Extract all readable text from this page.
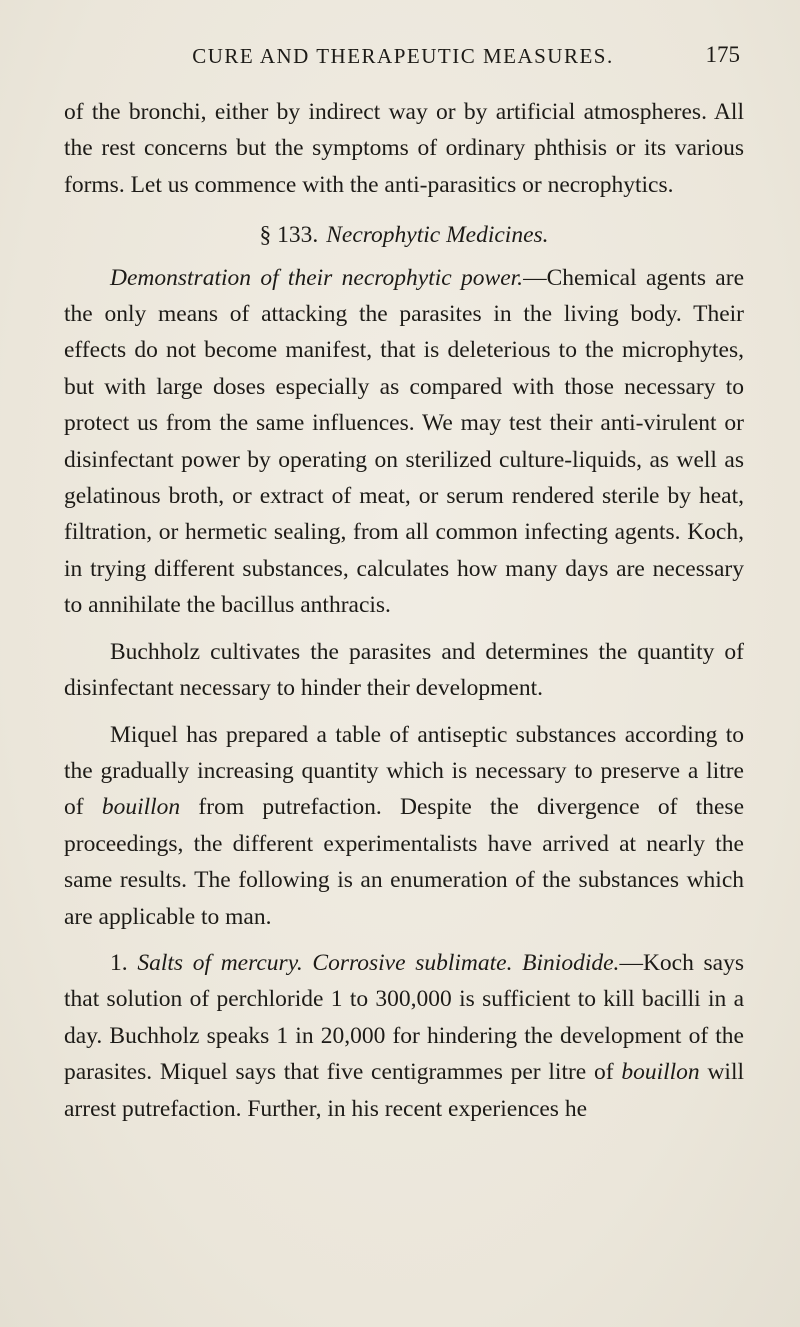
CURE AND THERAPEUTIC MEASURES.	175

of the bronchi, either by indirect way or by artificial atmospheres. All the rest concerns but the symptoms of ordinary phthisis or its various forms. Let us commence with the anti-parasitics or necrophytics.

§ 133. Necrophytic Medicines.

Demonstration of their necrophytic power.—Chemical agents are the only means of attacking the parasites in the living body. Their effects do not become manifest, that is deleterious to the microphytes, but with large doses especially as compared with those necessary to protect us from the same influences. We may test their anti-virulent or disinfectant power by operating on sterilized culture-liquids, as well as gelatinous broth, or extract of meat, or serum rendered sterile by heat, filtration, or hermetic sealing, from all common infecting agents. Koch, in trying different substances, calculates how many days are necessary to annihilate the bacillus anthracis.

Buchholz cultivates the parasites and determines the quantity of disinfectant necessary to hinder their development.

Miquel has prepared a table of antiseptic substances according to the gradually increasing quantity which is necessary to preserve a litre of bouillon from putrefaction. Despite the divergence of these proceedings, the different experimentalists have arrived at nearly the same results. The following is an enumeration of the substances which are applicable to man.

1. Salts of mercury. Corrosive sublimate. Biniodide.—Koch says that solution of perchloride 1 to 300,000 is sufficient to kill bacilli in a day. Buchholz speaks 1 in 20,000 for hindering the development of the parasites. Miquel says that five centigrammes per litre of bouillon will arrest putrefaction. Further, in his recent experiences he
